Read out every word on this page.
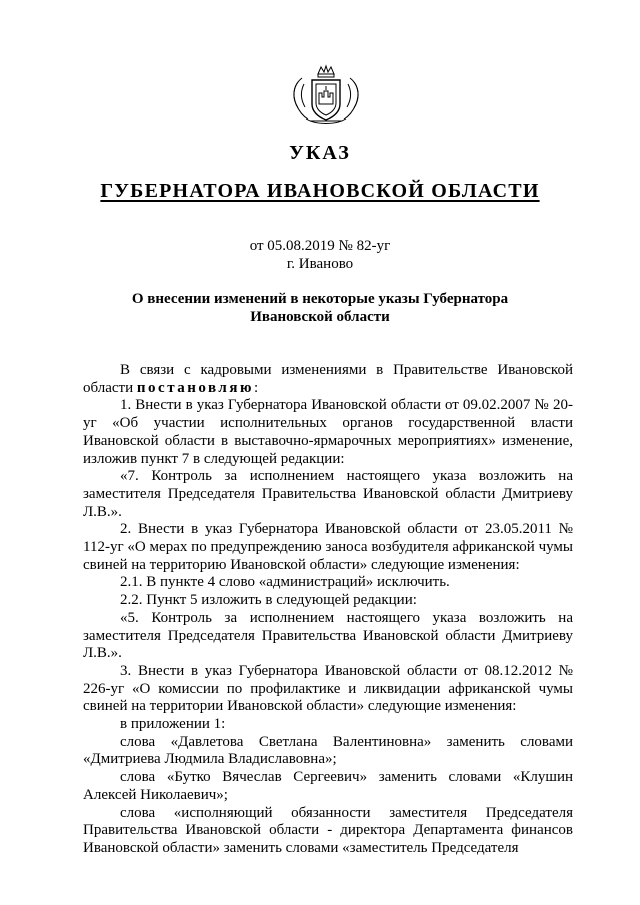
УКАЗ
ГУБЕРНАТОРА ИВАНОВСКОЙ ОБЛАСТИ
от 05.08.2019 № 82-уг
г. Иваново
О внесении изменений в некоторые указы Губернатора
Ивановской области

В связи с кадровыми изменениями в Правительстве Ивановской области постановляю:

1. Внести в указ Губернатора Ивановской области от 09.02.2007 № 20-уг «Об участии исполнительных органов государственной власти Ивановской области в выставочно-ярмарочных мероприятиях» изменение, изложив пункт 7 в следующей редакции:

«7. Контроль за исполнением настоящего указа возложить на заместителя Председателя Правительства Ивановской области Дмитриеву Л.В.».

2. Внести в указ Губернатора Ивановской области от 23.05.2011 № 112-уг «О мерах по предупреждению заноса возбудителя африканской чумы свиней на территорию Ивановской области» следующие изменения:

2.1. В пункте 4 слово «администраций» исключить.

2.2. Пункт 5 изложить в следующей редакции:

«5. Контроль за исполнением настоящего указа возложить на заместителя Председателя Правительства Ивановской области Дмитриеву Л.В.».

3. Внести в указ Губернатора Ивановской области от 08.12.2012 № 226-уг «О комиссии по профилактике и ликвидации африканской чумы свиней на территории Ивановской области» следующие изменения:

в приложении 1:

слова «Давлетова Светлана Валентиновна» заменить словами «Дмитриева Людмила Владиславовна»;

слова «Бутко Вячеслав Сергеевич» заменить словами «Клушин Алексей Николаевич»;

слова «исполняющий обязанности заместителя Председателя Правительства Ивановской области - директора Департамента финансов Ивановской области» заменить словами «заместитель Председателя
